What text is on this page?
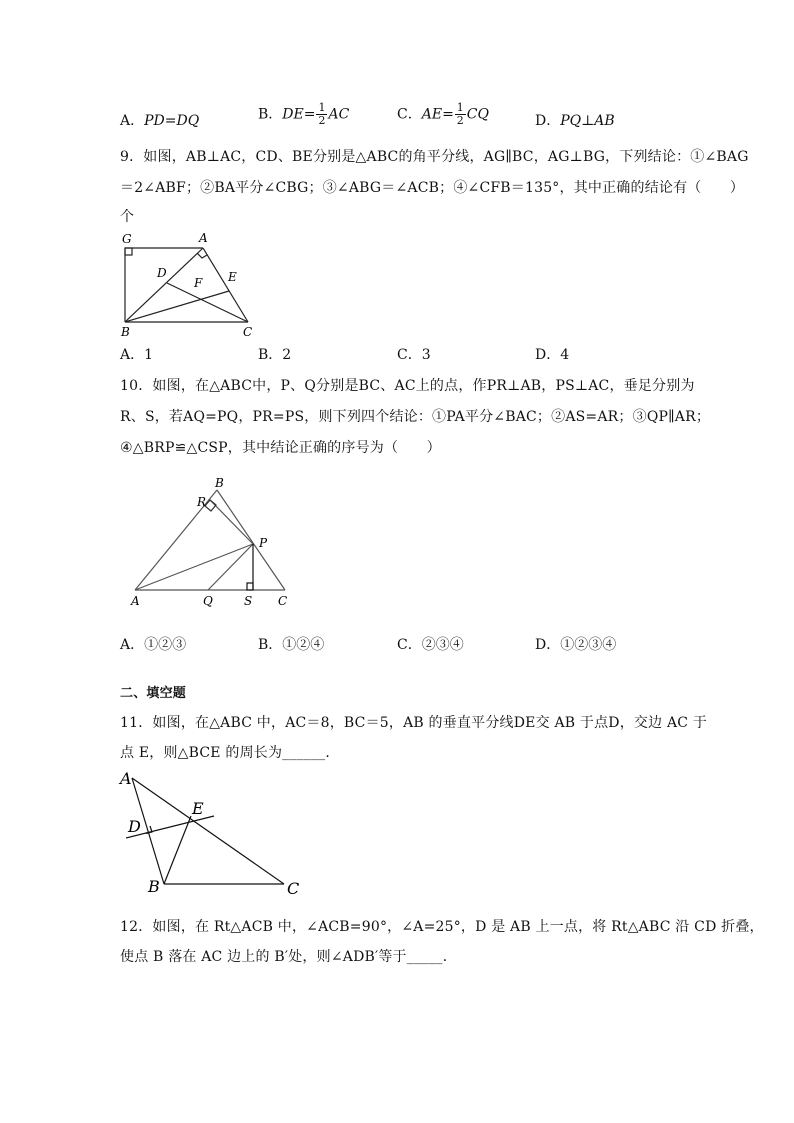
A．PD=DQ	B．$DE= \frac{1}{2}$ AC	C．$AE= \frac{1}{2}$ CQ	D．PQ⊥AB
9．如图，AB⊥AC，CD、BE分别是△ABC的角平分线，AG∥BC，AG⊥BG，下列结论：①∠BAG
＝2∠ABF；②BA平分∠CBG；③∠ABG＝∠ACB；④∠CFB＝135°，其中正确的结论有（　　）
个
G	A
D
F E
B	C
A．1	B．2	C．3	D．4
10．如图，在△ABC中，P、Q分别是BC、AC上的点，作PR⊥AB，PS⊥AC，垂足分别为
R、S，若AQ=PQ，PR=PS，则下列四个结论：①PA平分∠BAC；②AS=AR；③QP∥AR；
④△BRP≌△CSP，其中结论正确的序号为（　　）
B
R
P
A	Q	S C
A．①②③	B．①②④	C．②③④	D．①②③④
二、填空题
11．如图，在△ABC 中，AC＝8，BC＝5，AB 的垂直平分线DE交 AB 于点D，交边 AC 于
点 E，则△BCE 的周长为______．
A
D
E
B	C
12．如图，在 Rt△ACB 中，∠ACB=90°，∠A=25°，D 是 AB 上一点，将 Rt△ABC 沿 CD 折叠，
使点 B 落在 AC 边上的 B′处，则∠ADB′等于_____．
